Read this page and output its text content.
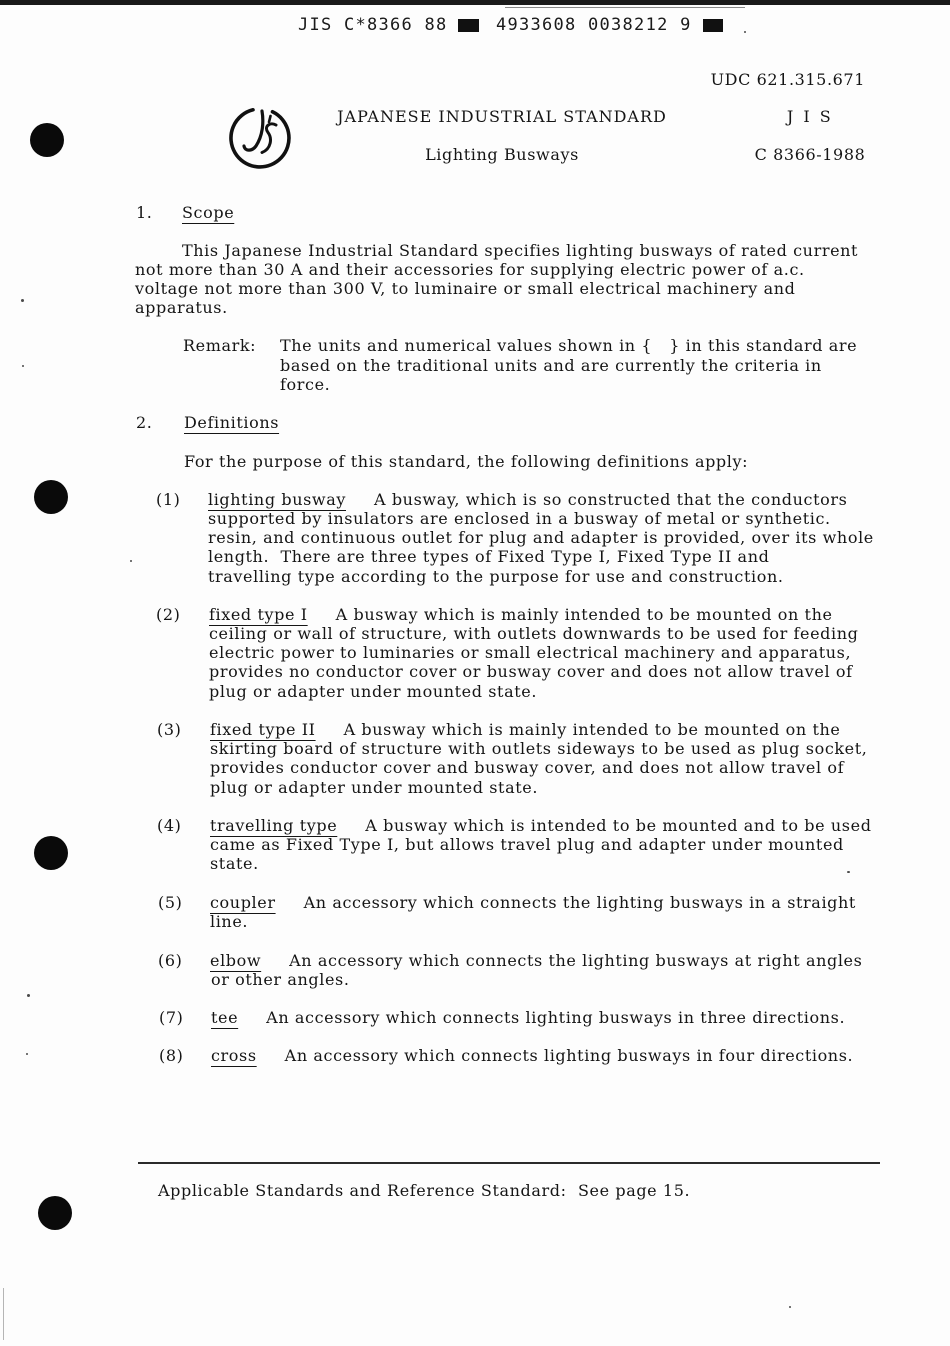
JIS C*8366 88	4933608 0038212 9
UDC 621.315.671
JAPANESE INDUSTRIAL STANDARD
Lighting Busways
J I S
C 8366-1988
1. Scope
This Japanese Industrial Standard specifies lighting busways of rated current
not more than 30 A and their accessories for supplying electric power of a.c.
voltage not more than 300 V, to luminaire or small electrical machinery and
apparatus.
Remark: The units and numerical values shown in {   } in this standard are
based on the traditional units and are currently the criteria in
force.
2. Definitions
For the purpose of this standard, the following definitions apply:
(1) lighting busway A busway, which is so constructed that the conductors
supported by insulators are enclosed in a busway of metal or synthetic.
resin, and continuous outlet for plug and adapter is provided, over its whole
length.  There are three types of Fixed Type I, Fixed Type II and
travelling type according to the purpose for use and construction.
(2) fixed type I A busway which is mainly intended to be mounted on the
ceiling or wall of structure, with outlets downwards to be used for feeding
electric power to luminaries or small electrical machinery and apparatus,
provides no conductor cover or busway cover and does not allow travel of
plug or adapter under mounted state.
(3) fixed type II A busway which is mainly intended to be mounted on the
skirting board of structure with outlets sideways to be used as plug socket,
provides conductor cover and busway cover, and does not allow travel of
plug or adapter under mounted state.
(4) travelling type A busway which is intended to be mounted and to be used
came as Fixed Type I, but allows travel plug and adapter under mounted
state.
(5) coupler An accessory which connects the lighting busways in a straight
line.
(6) elbow An accessory which connects the lighting busways at right angles
or other angles.
(7) tee An accessory which connects lighting busways in three directions.
(8) cross An accessory which connects lighting busways in four directions.
Applicable Standards and Reference Standard:  See page 15.
